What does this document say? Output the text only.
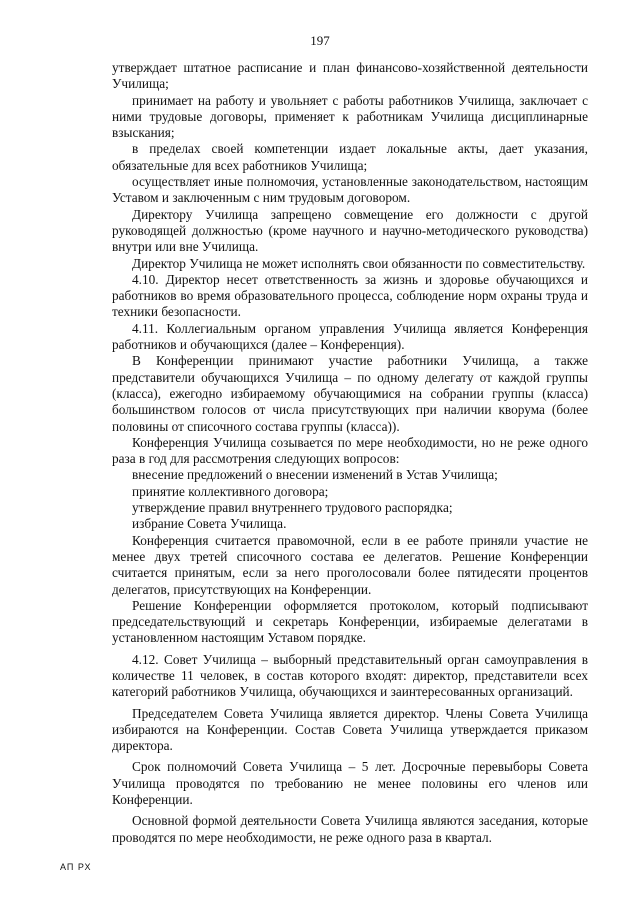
197

утверждает штатное расписание и план финансово-хозяйственной деятельности Училища;

принимает на работу и увольняет с работы работников Училища, заключает с ними трудовые договоры, применяет к работникам Училища дисциплинарные взыскания;

в пределах своей компетенции издает локальные акты, дает указания, обязательные для всех работников Училища;

осуществляет иные полномочия, установленные законодательством, настоящим Уставом и заключенным с ним трудовым договором.

Директору Училища запрещено совмещение его должности с другой руководящей должностью (кроме научного и научно-методического руководства) внутри или вне Училища.

Директор Училища не может исполнять свои обязанности по совместительству.

4.10. Директор несет ответственность за жизнь и здоровье обучающихся и работников во время образовательного процесса, соблюдение норм охраны труда и техники безопасности.

4.11. Коллегиальным органом управления Училища является Конференция работников и обучающихся (далее – Конференция).

В Конференции принимают участие работники Училища, а также представители обучающихся Училища – по одному делегату от каждой группы (класса), ежегодно избираемому обучающимися на собрании группы (класса) большинством голосов от числа присутствующих при наличии кворума (более половины от списочного состава группы (класса)).

Конференция Училища созывается по мере необходимости, но не реже одного раза в год для рассмотрения следующих вопросов:

внесение предложений о внесении изменений в Устав Училища;

принятие коллективного договора;

утверждение правил внутреннего трудового распорядка;

избрание Совета Училища.

Конференция считается правомочной, если в ее работе приняли участие не менее двух третей списочного состава ее делегатов. Решение Конференции считается принятым, если за него проголосовали более пятидесяти процентов делегатов, присутствующих на Конференции.

Решение Конференции оформляется протоколом, который подписывают председательствующий и секретарь Конференции, избираемые делегатами в установленном настоящим Уставом порядке.

4.12. Совет Училища – выборный представительный орган самоуправления в количестве 11 человек, в состав которого входят: директор, представители всех категорий работников Училища, обучающихся и заинтересованных организаций.

Председателем Совета Училища является директор. Члены Совета Училища избираются на Конференции. Состав Совета Училища утверждается приказом директора.

Срок полномочий Совета Училища – 5 лет. Досрочные перевыборы Совета Училища проводятся по требованию не менее половины его членов или Конференции.

Основной формой деятельности Совета Училища являются заседания, которые проводятся по мере необходимости, не реже одного раза в квартал.

АП РХ
